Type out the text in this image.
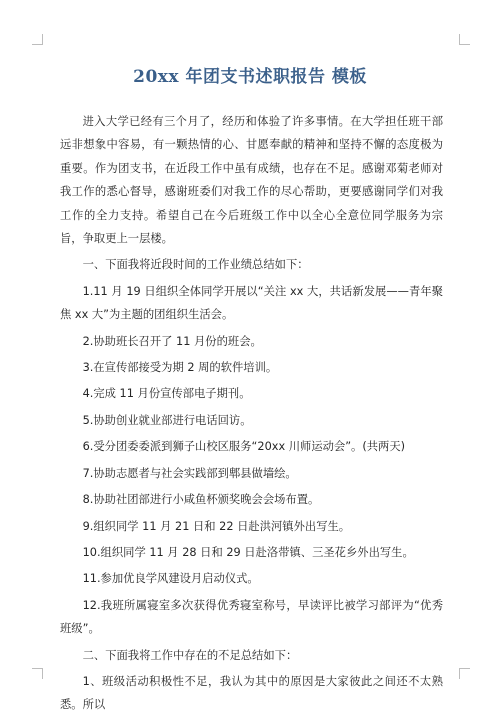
20xx 年团支书述职报告 模板

进入大学已经有三个月了，经历和体验了许多事情。在大学担任班干部远非想象中容易，有一颗热情的心、甘愿奉献的精神和坚持不懈的态度极为重要。作为团支书，在近段工作中虽有成绩，也存在不足。感谢邓菊老师对我工作的悉心督导，感谢班委们对我工作的尽心帮助，更要感谢同学们对我工作的全力支持。希望自己在今后班级工作中以全心全意位同学服务为宗旨，争取更上一层楼。

一、下面我将近段时间的工作业绩总结如下：

1.11 月 19 日组织全体同学开展以“关注 xx 大，共话新发展——青年聚焦 xx 大”为主题的团组织生活会。

2.协助班长召开了 11 月份的班会。

3.在宣传部接受为期 2 周的软件培训。

4.完成 11 月份宣传部电子期刊。

5.协助创业就业部进行电话回访。

6.受分团委委派到狮子山校区服务“20xx 川师运动会”。(共两天)

7.协助志愿者与社会实践部到郫县做墙绘。

8.协助社团部进行小咸鱼杯颁奖晚会会场布置。

9.组织同学 11 月 21 日和 22 日赴洪河镇外出写生。

10.组织同学 11 月 28 日和 29 日赴洛带镇、三圣花乡外出写生。

11.参加优良学风建设月启动仪式。

12.我班所属寝室多次获得优秀寝室称号，早读评比被学习部评为“优秀班级”。

二、下面我将工作中存在的不足总结如下：

1、班级活动积极性不足，我认为其中的原因是大家彼此之间还不太熟悉。所以
